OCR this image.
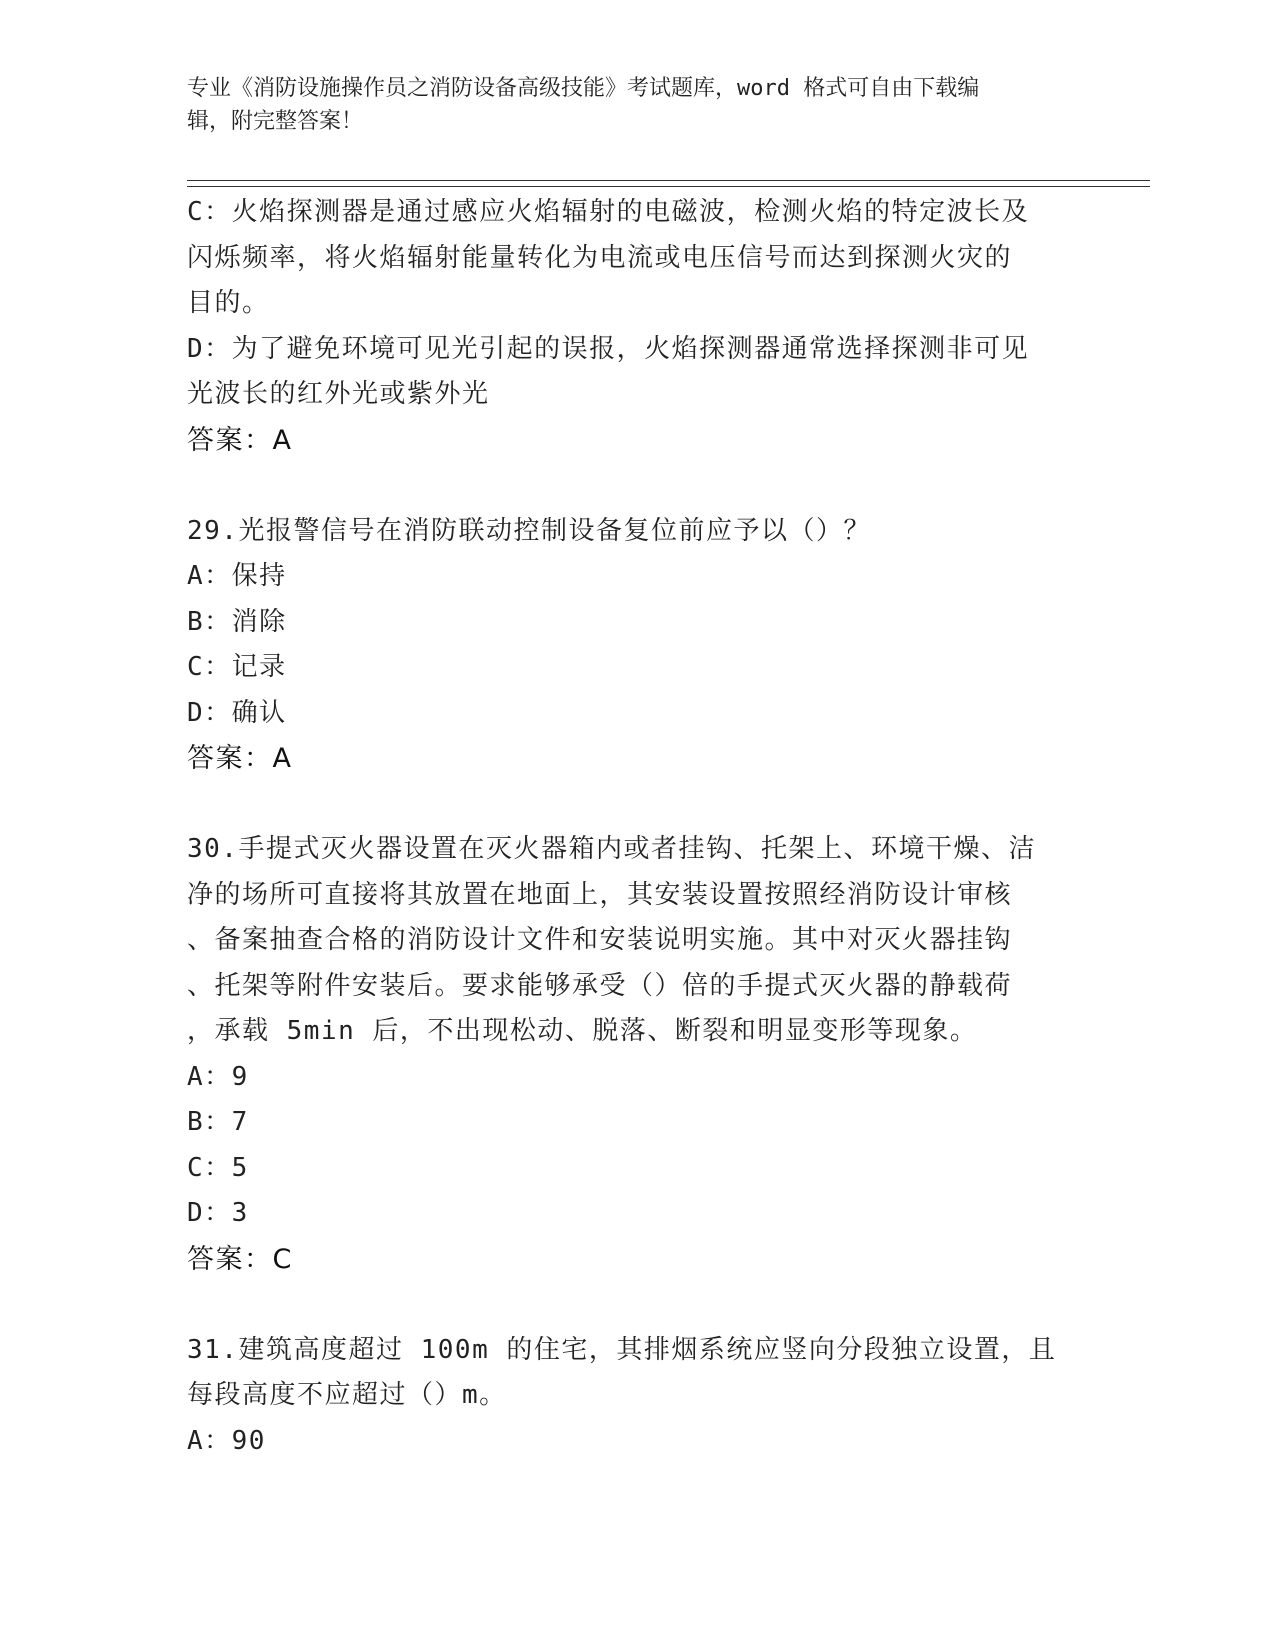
专业《消防设施操作员之消防设备高级技能》考试题库，word 格式可自由下载编
辑，附完整答案！

C：火焰探测器是通过感应火焰辐射的电磁波，检测火焰的特定波长及

闪烁频率，将火焰辐射能量转化为电流或电压信号而达到探测火灾的

目的。

D：为了避免环境可见光引起的误报，火焰探测器通常选择探测非可见

光波长的红外光或紫外光

答案：A

29.光报警信号在消防联动控制设备复位前应予以（）？

A：保持

B：消除

C：记录

D：确认

答案：A

30.手提式灭火器设置在灭火器箱内或者挂钩、托架上、环境干燥、洁

净的场所可直接将其放置在地面上，其安装设置按照经消防设计审核

、备案抽查合格的消防设计文件和安装说明实施。其中对灭火器挂钩

、托架等附件安装后。要求能够承受（）倍的手提式灭火器的静载荷

，承载 5min 后，不出现松动、脱落、断裂和明显变形等现象。

A：9

B：7

C：5

D：3

答案：C

31.建筑高度超过 100m 的住宅，其排烟系统应竖向分段独立设置，且

每段高度不应超过（）m。

A：90
